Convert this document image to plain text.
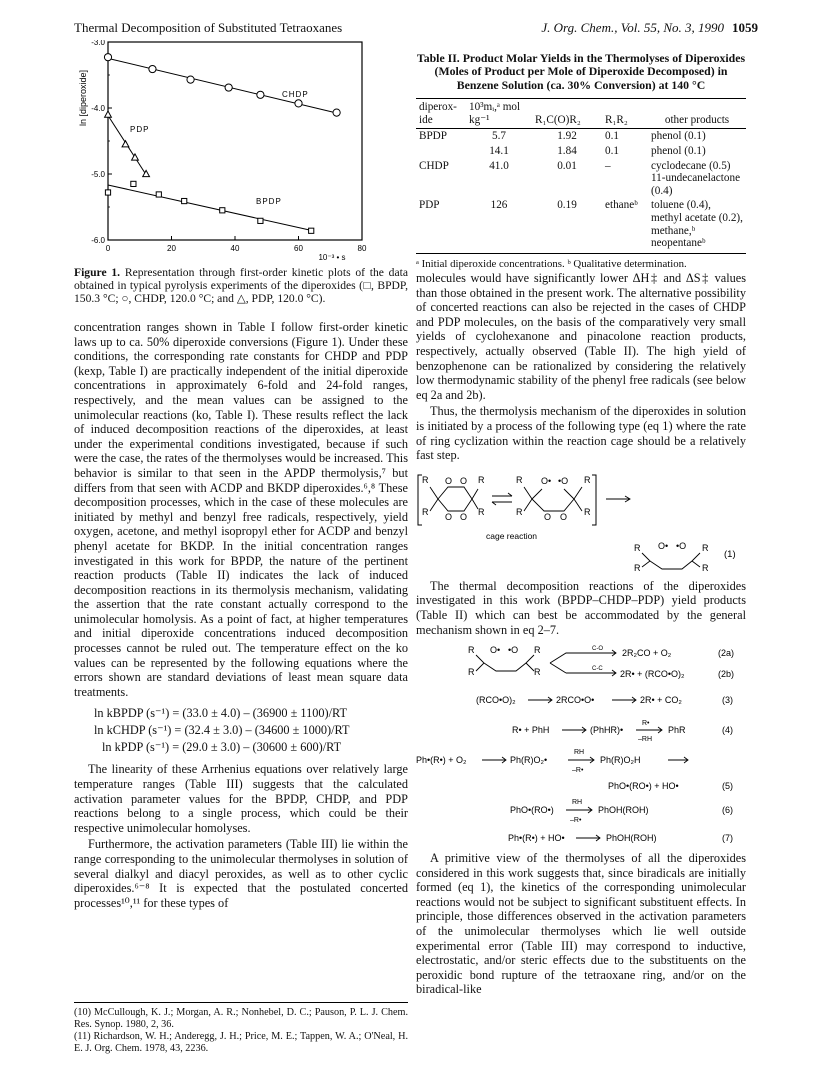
Thermal Decomposition of Substituted Tetraoxanes	J. Org. Chem., Vol. 55, No. 3, 1990 1059
0	20	40	60	80
-3.0
-4.0
-5.0
-6.0
ln [diperoxide]
10⁻³ • s
CHDP
PDP
BPDP
Figure 1. Representation through first-order kinetic plots of the data obtained in typical pyrolysis experiments of the diperoxides (□, BPDP, 150.3 °C; ○, CHDP, 120.0 °C; and △, PDP, 120.0 °C).
Table II. Product Molar Yields in the Thermolyses of Diperoxides (Moles of Product per Mole of Diperoxide Decomposed) in Benzene Solution (ca. 30% Conversion) at 140 °C
diperox-ide	10³mᵢ,ᵃ mol kg⁻¹	R₁C(O)R₂	R₁R₂	other products
BPDP	5.7	1.92	0.1	phenol (0.1)
	14.1	1.84	0.1	phenol (0.1)
CHDP	41.0	0.01	–	cyclodecane (0.5) 11-undecanelactone (0.4)
PDP	126	0.19	ethaneᵇ	toluene (0.4), methyl acetate (0.2), methane,ᵇ neopentaneᵇ
ᵃ Initial diperoxide concentrations. ᵇ Qualitative determination.

concentration ranges shown in Table I follow first-order kinetic laws up to ca. 50% diperoxide conversions (Figure 1). Under these conditions, the corresponding rate constants for CHDP and PDP (kexp, Table I) are practically independent of the initial diperoxide concentrations in approximately 6-fold and 24-fold ranges, respectively, and the mean values can be assigned to the unimolecular reactions (ko, Table I). These results reflect the lack of induced decomposition reactions of the diperoxides, at least under the experimental conditions investigated, because if such were the case, the rates of the thermolyses would be increased. This behavior is similar to that seen in the APDP thermolysis,⁷ but differs from that seen with ACDP and BKDP diperoxides.⁶,⁸ These decomposition processes, which in the case of these molecules are initiated by methyl and benzyl free radicals, respectively, yield oxygen, acetone, and methyl isopropyl ether for ACDP and benzyl phenyl acetate for BKDP. In the initial concentration ranges investigated in this work for BPDP, the nature of the pertinent reaction products (Table II) indicates the lack of induced decomposition reactions in its thermolysis mechanism, validating the assertion that the rate constant actually correspond to the unimolecular homolysis. As a point of fact, at higher temperatures and initial diperoxide concentrations induced decomposition processes cannot be ruled out. The temperature effect on the ko values can be represented by the following equations where the errors shown are standard deviations of least mean square data treatments.

ln kBPDP (s⁻¹) = (33.0 ± 4.0) – (36900 ± 1100)/RT
ln kCHDP (s⁻¹) = (32.4 ± 3.0) – (34600 ± 1000)/RT
ln kPDP (s⁻¹) = (29.0 ± 3.0) – (30600 ± 600)/RT

The linearity of these Arrhenius equations over relatively large temperature ranges (Table III) suggests that the calculated activation parameter values for the BPDP, CHDP, and PDP reactions belong to a single process, which could be their respective unimolecular homolyses.

Furthermore, the activation parameters (Table III) lie within the range corresponding to the unimolecular thermolyses in solution of several dialkyl and diacyl peroxides, as well as to other cyclic diperoxides.⁶⁻⁸ It is expected that the postulated concerted processes¹⁰,¹¹ for these types of

(10) McCullough, K. J.; Morgan, A. R.; Nonhebel, D. C.; Pauson, P. L. J. Chem. Res. Synop. 1980, 2, 36.

(11) Richardson, W. H.; Anderegg, J. H.; Price, M. E.; Tappen, W. A.; O'Neal, H. E. J. Org. Chem. 1978, 43, 2236.

molecules would have significantly lower ΔH‡ and ΔS‡ values than those obtained in the present work. The alternative possibility of concerted reactions can also be rejected in the cases of CHDP and PDP molecules, on the basis of the comparatively very small yields of cyclohexanone and pinacolone reaction products, respectively, actually observed (Table II). The high yield of benzophenone can be rationalized by considering the relatively low thermodynamic stability of the phenyl free radicals (see below eq 2a and 2b).

Thus, the thermolysis mechanism of the diperoxides in solution is initiated by a process of the following type (eq 1) where the rate of ring cyclization within the reaction cage should be a relatively fast step.

R
R
R
R
O O
O O
R
R
R
R
O• •O
O O
cage reaction
R
R
R
R
O• •O
(1)

The thermal decomposition reactions of the diperoxides investigated in this work (BPDP–CHDP–PDP) yield products (Table II) which can best be accommodated by the general mechanism shown in eq 2–7.

R
R
R
R
O• •O	C-O
C-C
2R₂CO + O₂	(2a)
2R• + (RCO•O)₂	(2b)
(RCO•O)₂	2RCO•O•	2R• + CO₂	(3)
R• + PhH	(PhHR)•
R•
–RH
PhR	(4)
Ph•(R•) + O₂	Ph(R)O₂•
RH
–R•
Ph(R)O₂H
PhO•(RO•) + HO•	(5)
PhO•(RO•)
RH
–R•
PhOH(ROH)	(6)
Ph•(R•) + HO•	PhOH(ROH)	(7)

A primitive view of the thermolyses of all the diperoxides considered in this work suggests that, since biradicals are initially formed (eq 1), the kinetics of the corresponding unimolecular reactions would not be subject to significant substituent effects. In principle, those differences observed in the activation parameters of the unimolecular thermolyses which lie well outside experimental error (Table III) may correspond to inductive, electrostatic, and/or steric effects due to the substituents on the peroxidic bond rupture of the tetraoxane ring, and/or on the biradical-like
